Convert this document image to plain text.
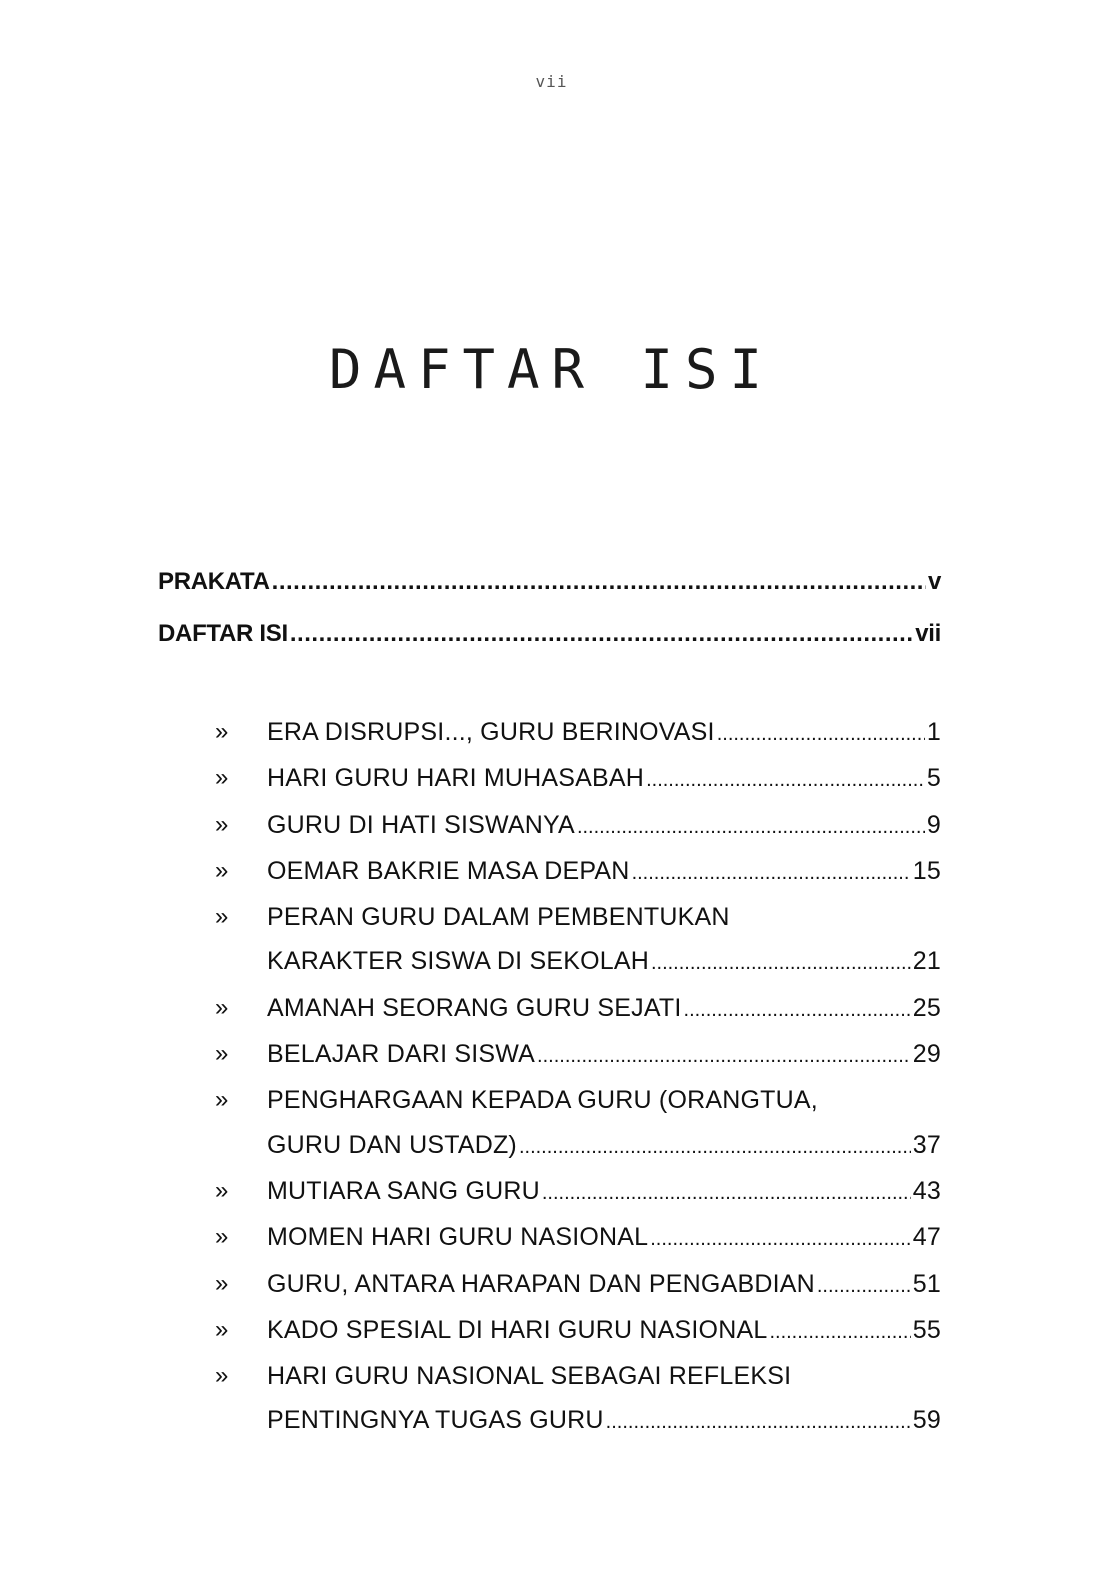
vii
DAFTAR ISI
PRAKATA .....	v
DAFTAR ISI .....	vii
»	ERA DISRUPSI..., GURU BERINOVASI .....	1
»	HARI GURU HARI MUHASABAH .....	5
»	GURU DI HATI SISWANYA .....	9
»	OEMAR BAKRIE MASA DEPAN .....	15
»	PERAN GURU DALAM PEMBENTUKAN
KARAKTER SISWA DI SEKOLAH .....	21
»	AMANAH SEORANG GURU SEJATI .....	25
»	BELAJAR DARI SISWA .....	29
»	PENGHARGAAN KEPADA GURU (ORANGTUA,
GURU DAN USTADZ) .....	37
»	MUTIARA SANG GURU .....	43
»	MOMEN HARI GURU NASIONAL .....	47
»	GURU, ANTARA HARAPAN DAN PENGABDIAN .....	51
»	KADO SPESIAL DI HARI GURU NASIONAL .....	55
»	HARI GURU NASIONAL SEBAGAI REFLEKSI
PENTINGNYA TUGAS GURU .....	59
